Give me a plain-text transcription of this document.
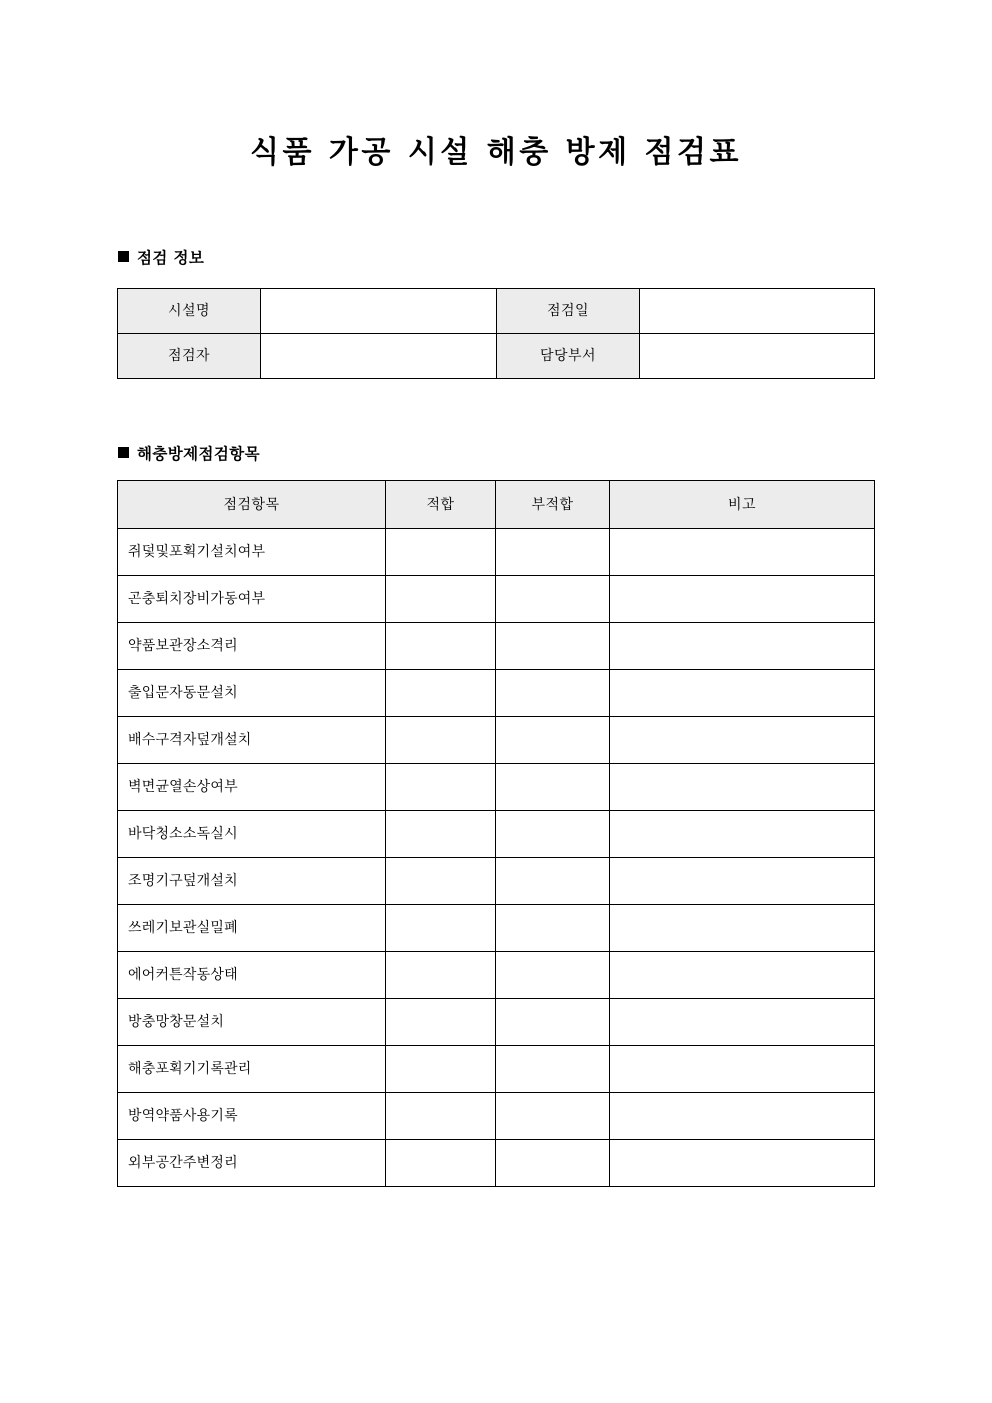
식품 가공 시설 해충 방제 점검표
점검 정보
시설명		점검일	
점검자		담당부서	
해충방제점검항목
점검항목	적합	부적합	비고
쥐덫및포획기설치여부			
곤충퇴치장비가동여부			
약품보관장소격리			
출입문자동문설치			
배수구격자덮개설치			
벽면균열손상여부			
바닥청소소독실시			
조명기구덮개설치			
쓰레기보관실밀폐			
에어커튼작동상태			
방충망창문설치			
해충포획기기록관리			
방역약품사용기록			
외부공간주변정리			
